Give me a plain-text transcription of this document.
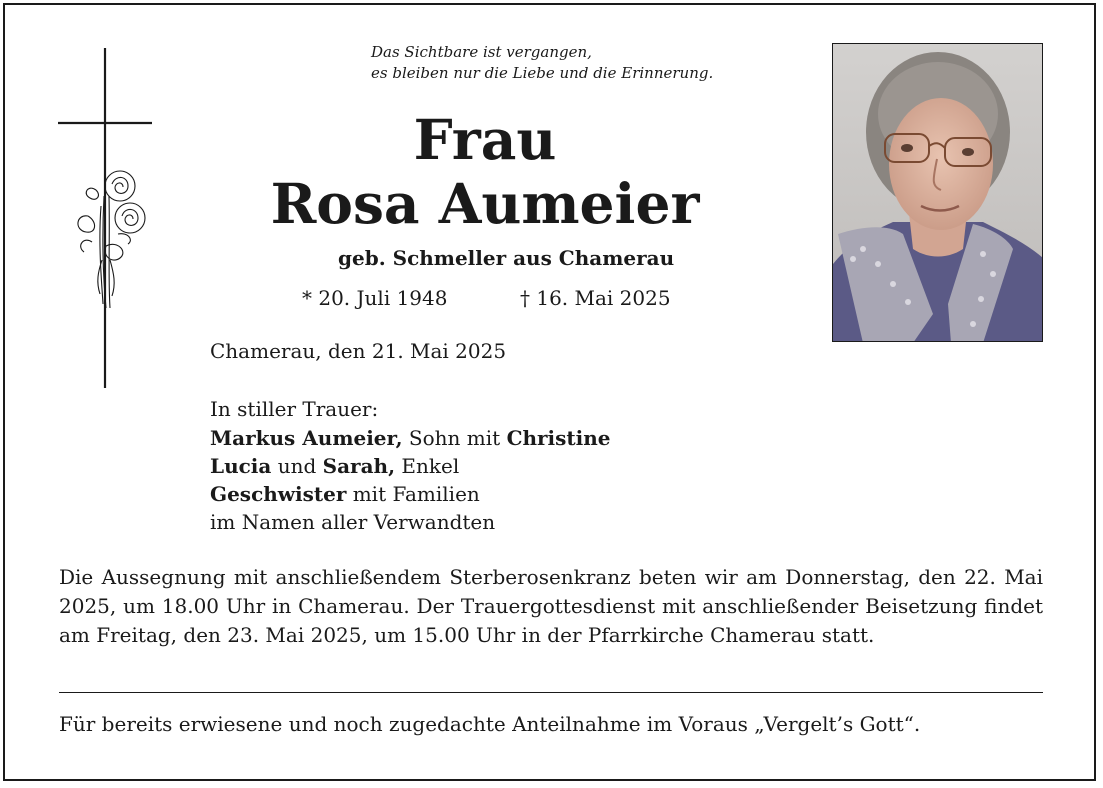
Das Sichtbare ist vergangen,
es bleiben nur die Liebe und die Erinnerung.
Frau
Rosa Aumeier
geb. Schmeller aus Chamerau
* 20. Juli 1948	† 16. Mai 2025
Chamerau, den 21. Mai 2025
In stiller Trauer:
Markus Aumeier, Sohn mit Christine
Lucia und Sarah, Enkel
Geschwister mit Familien
im Namen aller Verwandten
Die Aussegnung mit anschließendem Sterberosenkranz beten wir am Donnerstag, den 22. Mai 2025, um 18.00 Uhr in Chamerau. Der Trauergottesdienst mit anschließender Beisetzung findet am Freitag, den 23. Mai 2025, um 15.00 Uhr in der Pfarrkirche Chamerau statt.
Für bereits erwiesene und noch zugedachte Anteilnahme im Voraus „Vergelt’s Gott“.
